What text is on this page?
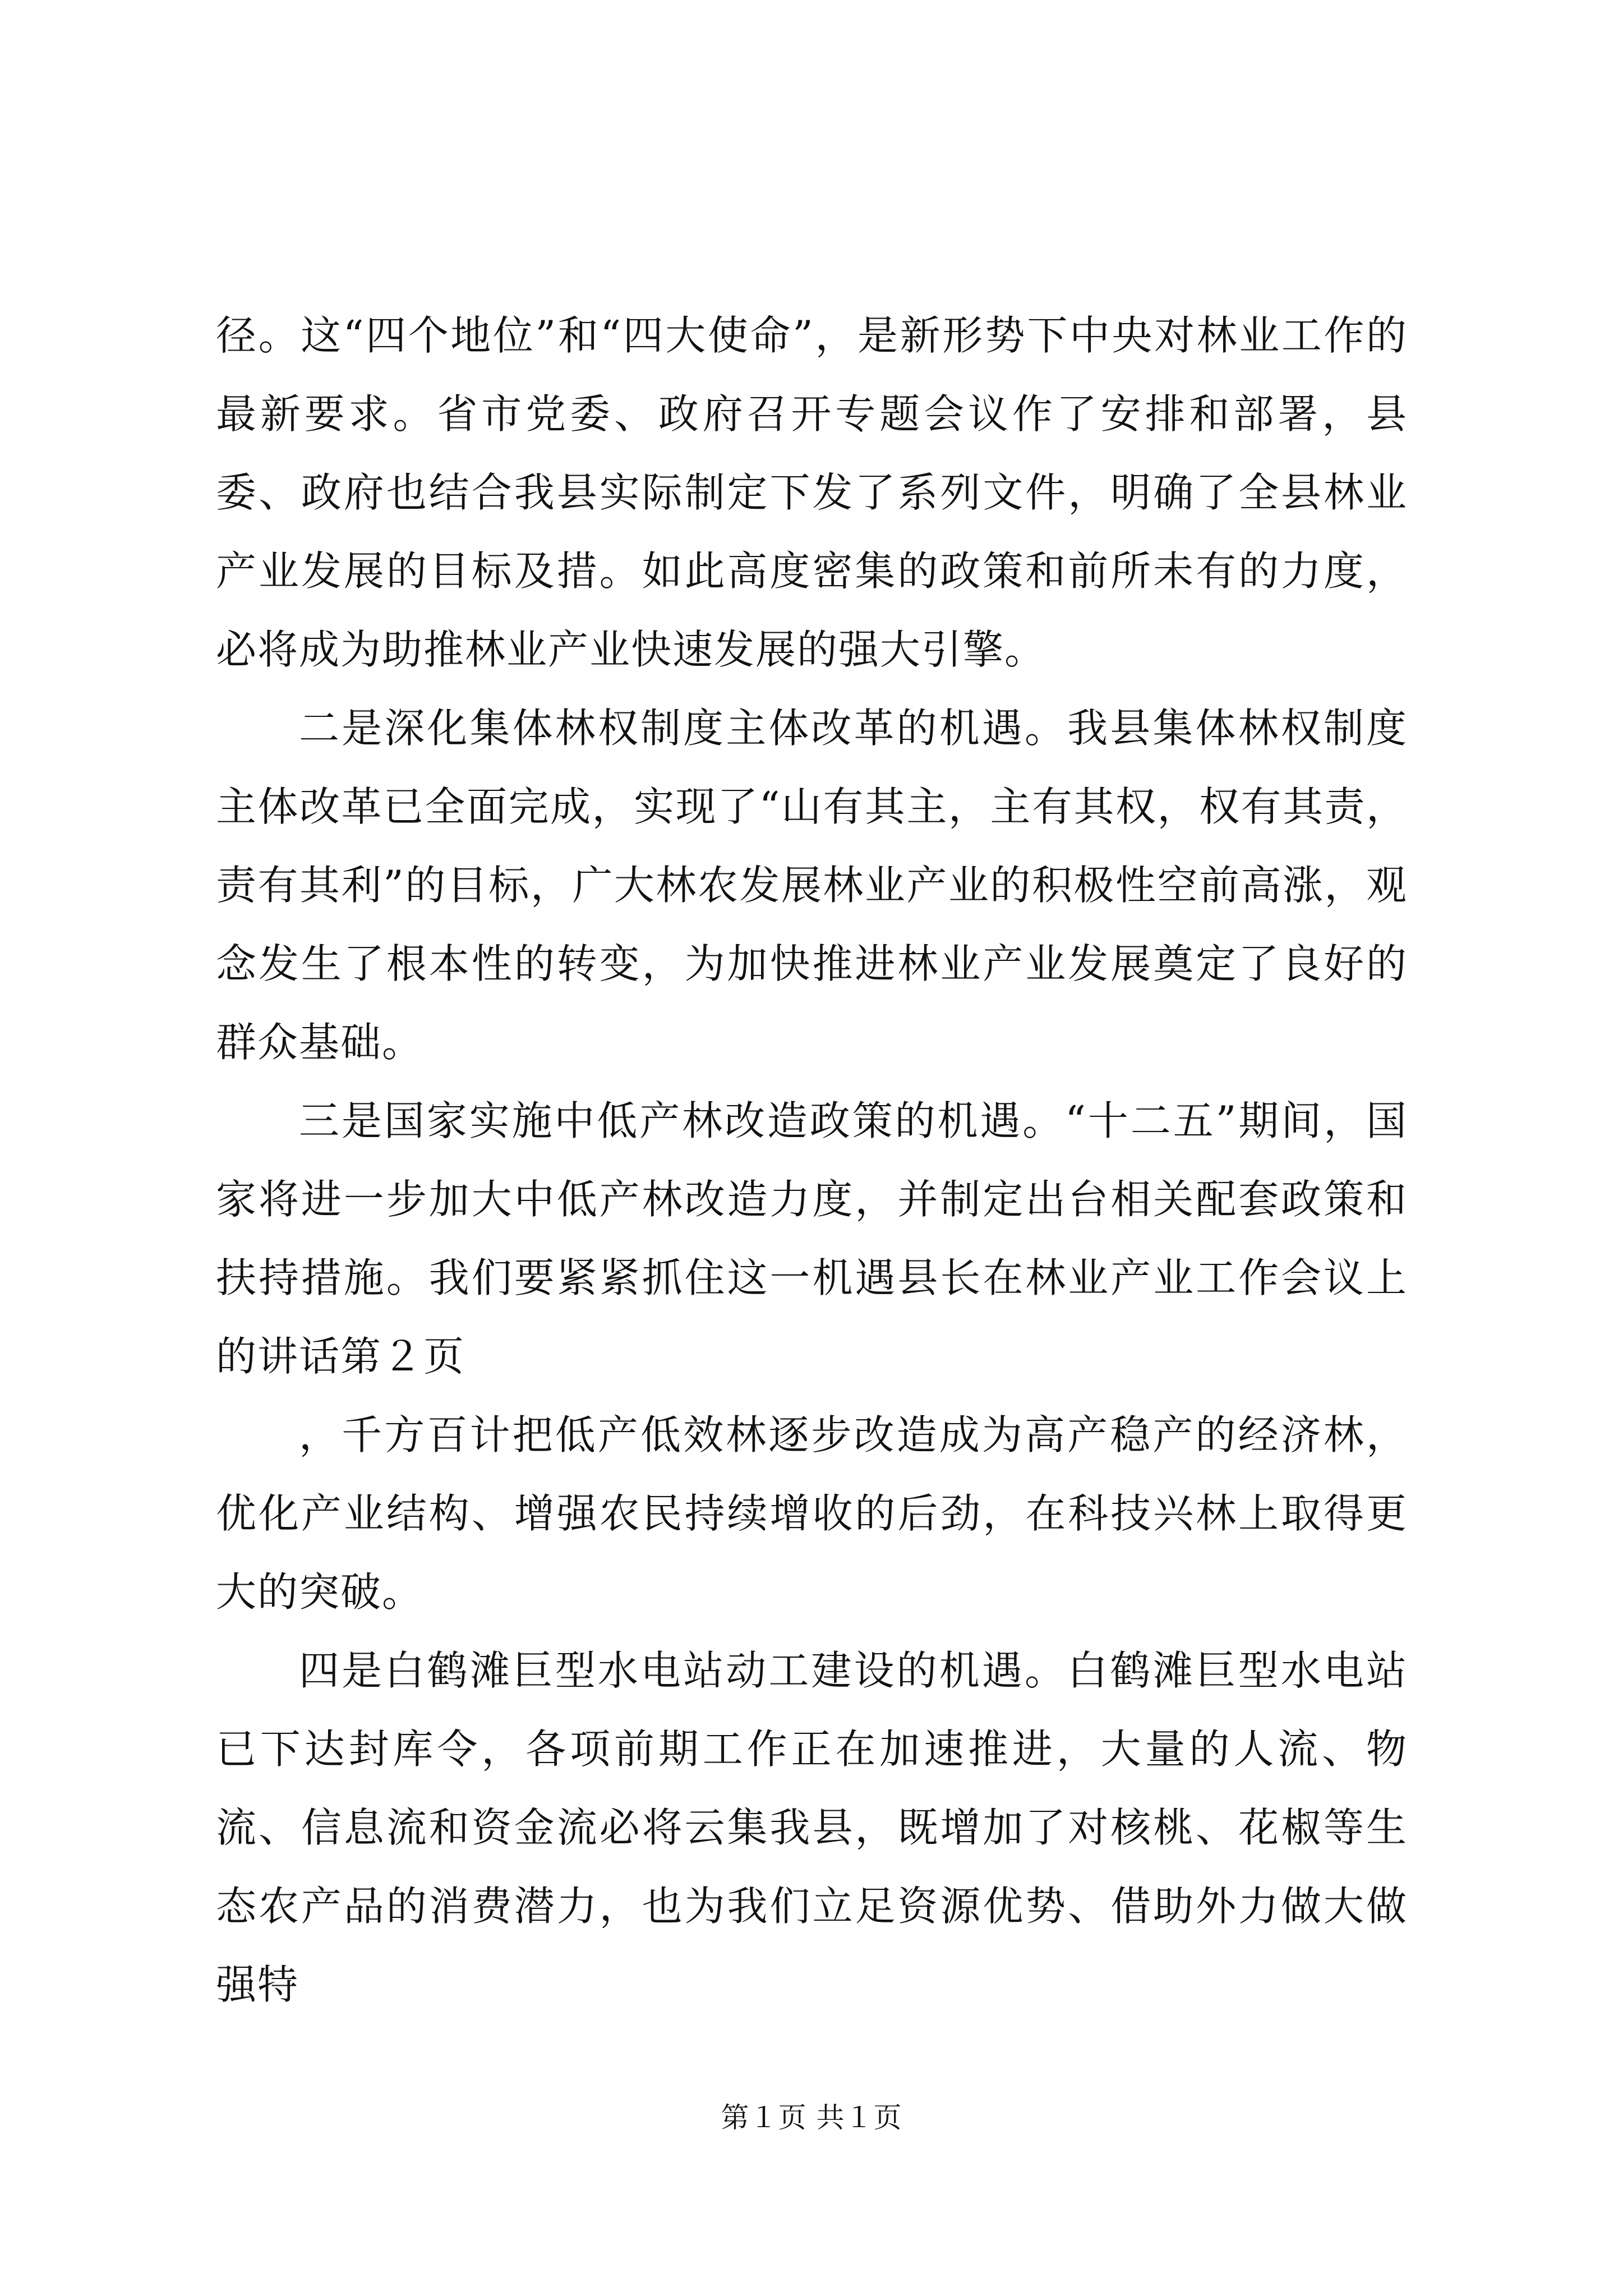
径。这“四个地位”和“四大使命”，是新形势下中央对林业工作的最新要求。省市党委、政府召开专题会议作了安排和部署，县委、政府也结合我县实际制定下发了系列文件，明确了全县林业产业发展的目标及措。如此高度密集的政策和前所未有的力度，必将成为助推林业产业快速发展的强大引擎。

二是深化集体林权制度主体改革的机遇。我县集体林权制度主体改革已全面完成，实现了“山有其主，主有其权，权有其责，责有其利”的目标，广大林农发展林业产业的积极性空前高涨，观念发生了根本性的转变，为加快推进林业产业发展奠定了良好的群众基础。

三是国家实施中低产林改造政策的机遇。“十二五”期间，国家将进一步加大中低产林改造力度，并制定出台相关配套政策和扶持措施。我们要紧紧抓住这一机遇县长在林业产业工作会议上的讲话第２页

，千方百计把低产低效林逐步改造成为高产稳产的经济林，优化产业结构、增强农民持续增收的后劲，在科技兴林上取得更大的突破。

四是白鹤滩巨型水电站动工建设的机遇。白鹤滩巨型水电站已下达封库令，各项前期工作正在加速推进，大量的人流、物流、信息流和资金流必将云集我县，既增加了对核桃、花椒等生态农产品的消费潜力，也为我们立足资源优势、借助外力做大做强特

第１页 共１页
